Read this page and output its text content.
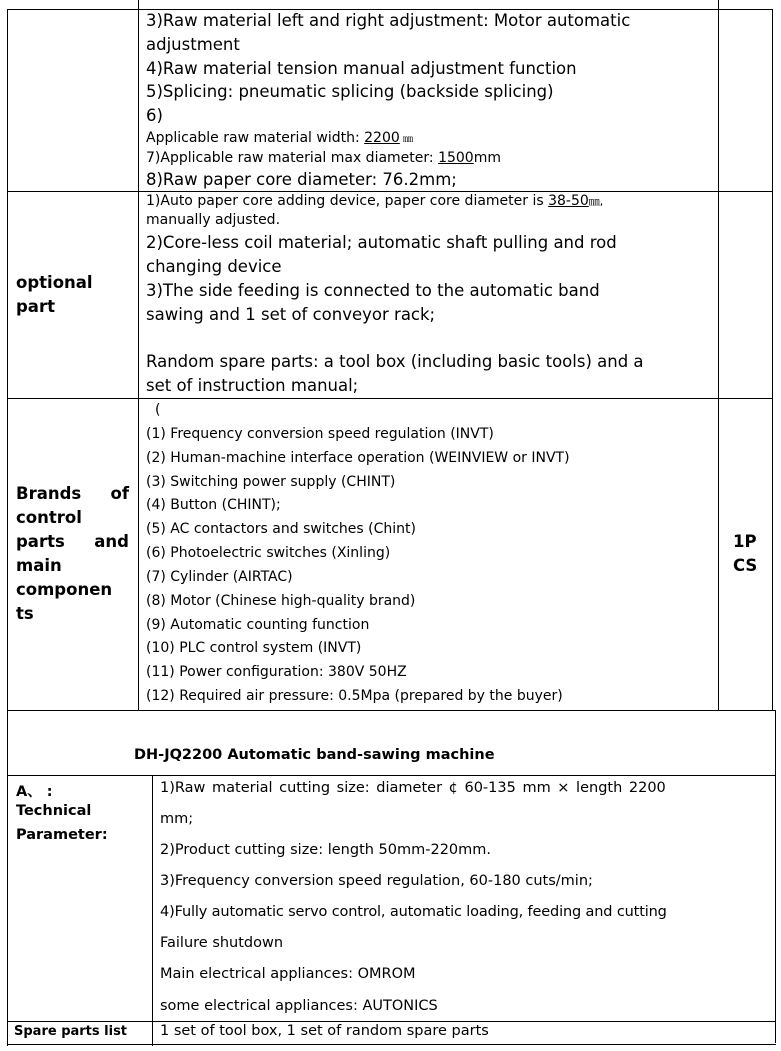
3)Raw material left and right adjustment: Motor automatic
adjustment
4)Raw material tension manual adjustment function
5)Splicing: pneumatic splicing (backside splicing)
6)
Applicable raw material width: 2200 ㎜
7)Applicable raw material max diameter: 1500mm
8)Raw paper core diameter: 76.2mm;
optional
part
1)Auto paper core adding device, paper core diameter is 38-50㎜,
manually adjusted.
2)Core-less coil material; automatic shaft pulling and rod
changing device
3)The side feeding is connected to the automatic band
sawing and 1 set of conveyor rack;
Random spare parts: a tool box (including basic tools) and a
set of instruction manual;
Brands of
control
parts and
main
componen
ts
(
(1) Frequency conversion speed regulation (INVT)
(2) Human-machine interface operation (WEINVIEW or INVT)
(3) Switching power supply (CHINT)
(4) Button (CHINT);
(5) AC contactors and switches (Chint)
(6) Photoelectric switches (Xinling)
(7) Cylinder (AIRTAC)
(8) Motor (Chinese high-quality brand)
(9) Automatic counting function
(10) PLC control system (INVT)
(11) Power configuration: 380V 50HZ
(12) Required air pressure: 0.5Mpa (prepared by the buyer)
1P
CS
DH-JQ2200 Automatic band-sawing machine
A、 :
Technical
Parameter:
1)Raw material cutting size: diameter ¢ 60-135 mm × length 2200
mm;
2)Product cutting size: length 50mm-220mm.
3)Frequency conversion speed regulation, 60-180 cuts/min;
4)Fully automatic servo control, automatic loading, feeding and cutting
Failure shutdown
Main electrical appliances: OMROM
some electrical appliances: AUTONICS
Spare parts list 1 set of tool box, 1 set of random spare parts
